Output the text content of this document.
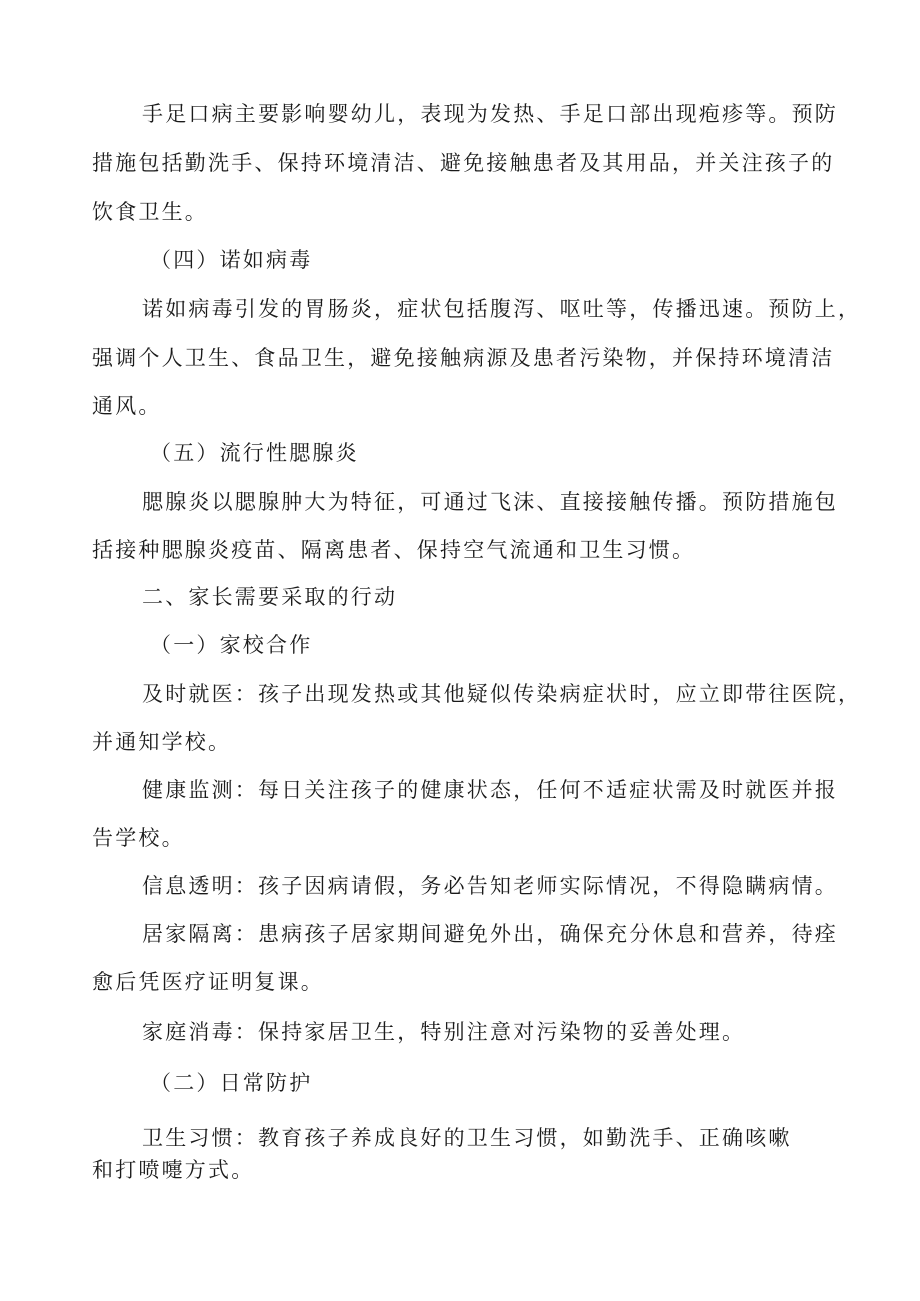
手足口病主要影响婴幼儿，表现为发热、手足口部出现疱疹等。预防
措施包括勤洗手、保持环境清洁、避免接触患者及其用品，并关注孩子的
饮食卫生。
（四）诺如病毒
诺如病毒引发的胃肠炎，症状包括腹泻、呕吐等，传播迅速。预防上，
强调个人卫生、食品卫生，避免接触病源及患者污染物，并保持环境清洁
通风。
（五）流行性腮腺炎
腮腺炎以腮腺肿大为特征，可通过飞沫、直接接触传播。预防措施包
括接种腮腺炎疫苗、隔离患者、保持空气流通和卫生习惯。
二、家长需要采取的行动
（一）家校合作
及时就医：孩子出现发热或其他疑似传染病症状时，应立即带往医院，
并通知学校。
健康监测：每日关注孩子的健康状态，任何不适症状需及时就医并报
告学校。
信息透明：孩子因病请假，务必告知老师实际情况，不得隐瞒病情。
居家隔离：患病孩子居家期间避免外出，确保充分休息和营养，待痊
愈后凭医疗证明复课。
家庭消毒：保持家居卫生，特别注意对污染物的妥善处理。
（二）日常防护
卫生习惯：教育孩子养成良好的卫生习惯，如勤洗手、正确咳嗽
和打喷嚏方式。
